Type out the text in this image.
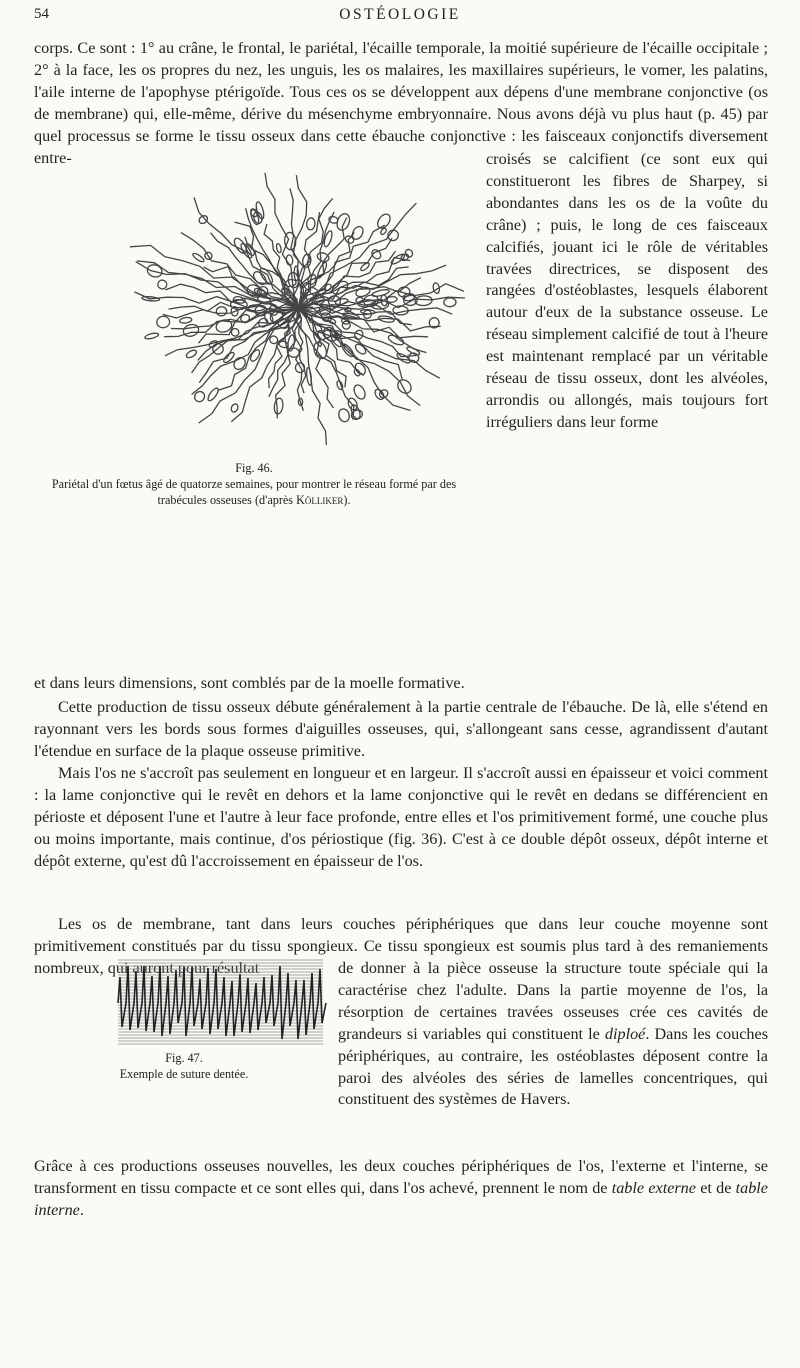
54	OSTÉOLOGIE

corps. Ce sont : 1° au crâne, le frontal, le pariétal, l'écaille temporale, la moitié supérieure de l'écaille occipitale ; 2° à la face, les os propres du nez, les unguis, les os malaires, les maxillaires supérieurs, le vomer, les palatins, l'aile interne de l'apophyse ptérigoïde. Tous ces os se développent aux dépens d'une membrane conjonctive (os de membrane) qui, elle-même, dérive du mésenchyme embryonnaire. Nous avons déjà vu plus haut (p. 45) par quel processus se forme le tissu osseux dans cette ébauche conjonctive : les faisceaux conjonctifs diversement entre-

Fig. 46.
Pariétal d'un fœtus âgé de quatorze semaines, pour montrer le réseau formé par des trabécules osseuses (d'après Kölliker).

croisés se calcifient (ce sont eux qui constitueront les fibres de Sharpey, si abondantes dans les os de la voûte du crâne) ; puis, le long de ces faisceaux calcifiés, jouant ici le rôle de véritables travées directrices, se disposent des rangées d'ostéoblastes, lesquels élaborent autour d'eux de la substance osseuse. Le réseau simplement calcifié de tout à l'heure est maintenant remplacé par un véritable réseau de tissu osseux, dont les alvéoles, arrondis ou allongés, mais toujours fort irréguliers dans leur forme

et dans leurs dimensions, sont comblés par de la moelle formative.

Cette production de tissu osseux débute généralement à la partie centrale de l'ébauche. De là, elle s'étend en rayonnant vers les bords sous formes d'aiguilles osseuses, qui, s'allongeant sans cesse, agrandissent d'autant l'étendue en surface de la plaque osseuse primitive.

Mais l'os ne s'accroît pas seulement en longueur et en largeur. Il s'accroît aussi en épaisseur et voici comment : la lame conjonctive qui le revêt en dehors et la lame conjonctive qui le revêt en dedans se différencient en périoste et déposent l'une et l'autre à leur face profonde, entre elles et l'os primitivement formé, une couche plus ou moins importante, mais continue, d'os périostique (fig. 36). C'est à ce double dépôt osseux, dépôt interne et dépôt externe, qu'est dû l'accroissement en épaisseur de l'os.

Les os de membrane, tant dans leurs couches périphériques que dans leur couche moyenne sont primitivement constitués par du tissu spongieux. Ce tissu spongieux est soumis plus tard à des remaniements nombreux, qui auront pour résultat

Fig. 47.
Exemple de suture dentée.

de donner à la pièce osseuse la structure toute spéciale qui la caractérise chez l'adulte. Dans la partie moyenne de l'os, la résorption de certaines travées osseuses crée ces cavités de grandeurs si variables qui constituent le diploé. Dans les couches périphériques, au contraire, les ostéoblastes déposent contre la paroi des alvéoles des séries de lamelles concentriques, qui constituent des systèmes de Havers.

Grâce à ces productions osseuses nouvelles, les deux couches périphériques de l'os, l'externe et l'interne, se transforment en tissu compacte et ce sont elles qui, dans l'os achevé, prennent le nom de table externe et de table interne.
